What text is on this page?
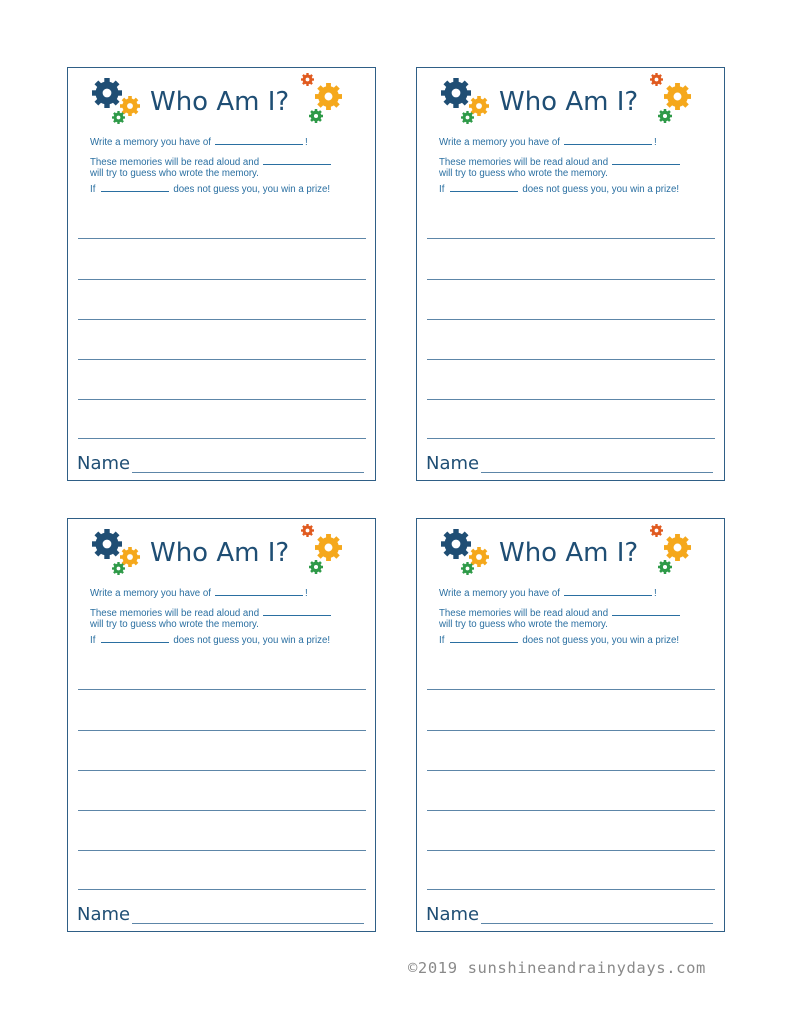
Who Am I?
Write a memory you have of	!
These memories will be read aloud and
will try to guess who wrote the memory.
If	does not guess you, you win a prize!
Name
Who Am I?
Write a memory you have of	!
These memories will be read aloud and
will try to guess who wrote the memory.
If	does not guess you, you win a prize!
Name
Who Am I?
Write a memory you have of	!
These memories will be read aloud and
will try to guess who wrote the memory.
If	does not guess you, you win a prize!
Name
Who Am I?
Write a memory you have of	!
These memories will be read aloud and
will try to guess who wrote the memory.
If	does not guess you, you win a prize!
Name
©2019 sunshineandrainydays.com
